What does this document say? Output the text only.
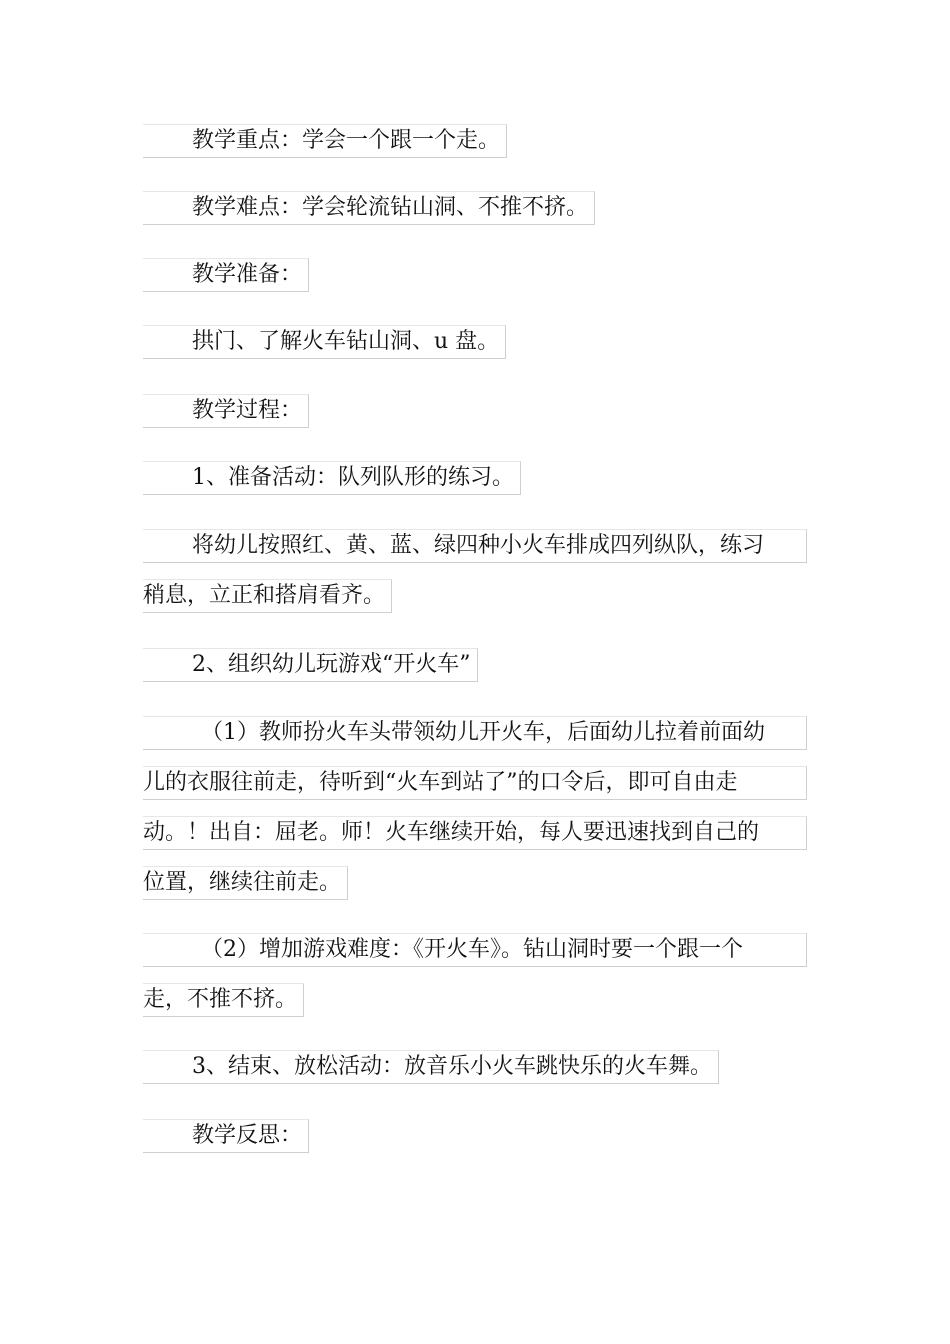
教学重点：学会一个跟一个走。
教学难点：学会轮流钻山洞、不推不挤。
教学准备：
拱门、了解火车钻山洞、u 盘。
教学过程：
1、准备活动：队列队形的练习。
将幼儿按照红、黄、蓝、绿四种小火车排成四列纵队，练习
稍息，立正和搭肩看齐。
2、组织幼儿玩游戏“开火车”
（1）教师扮火车头带领幼儿开火车，后面幼儿拉着前面幼
儿的衣服往前走，待听到“火车到站了”的口令后，即可自由走
动。！出自：屈老。师！火车继续开始，每人要迅速找到自己的
位置，继续往前走。
（2）增加游戏难度：《开火车》。钻山洞时要一个跟一个
走，不推不挤。
3、结束、放松活动：放音乐小火车跳快乐的火车舞。
教学反思：
